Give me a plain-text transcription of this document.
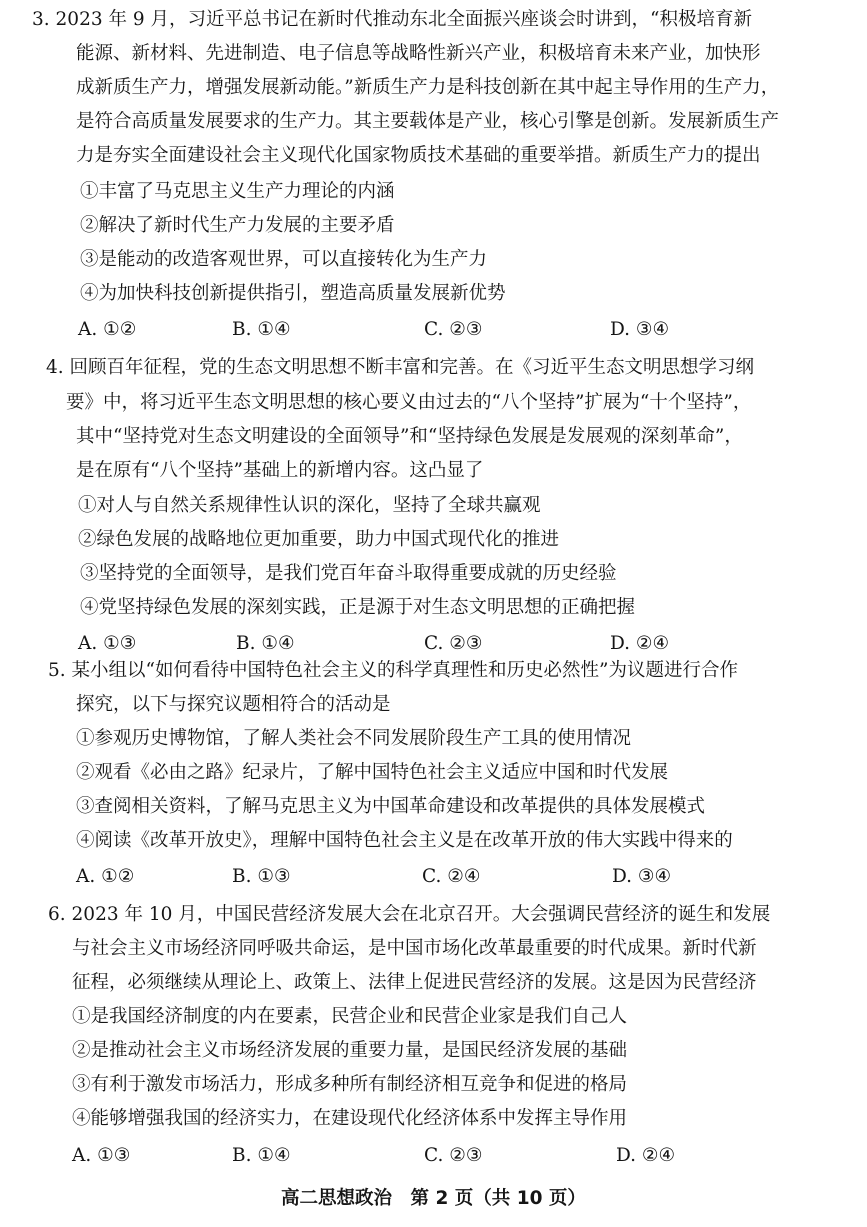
3. 2023 年 9 月，习近平总书记在新时代推动东北全面振兴座谈会时讲到，“积极培育新
能源、新材料、先进制造、电子信息等战略性新兴产业，积极培育未来产业，加快形
成新质生产力，增强发展新动能。”新质生产力是科技创新在其中起主导作用的生产力，
是符合高质量发展要求的生产力。其主要载体是产业，核心引擎是创新。发展新质生产
力是夯实全面建设社会主义现代化国家物质技术基础的重要举措。新质生产力的提出
①丰富了马克思主义生产力理论的内涵
②解决了新时代生产力发展的主要矛盾
③是能动的改造客观世界，可以直接转化为生产力
④为加快科技创新提供指引，塑造高质量发展新优势
A. ①②	B. ①④	C. ②③	D. ③④
4. 回顾百年征程，党的生态文明思想不断丰富和完善。在《习近平生态文明思想学习纲
要》中，将习近平生态文明思想的核心要义由过去的“八个坚持”扩展为“十个坚持”，
其中“坚持党对生态文明建设的全面领导”和“坚持绿色发展是发展观的深刻革命”，
是在原有“八个坚持”基础上的新增内容。这凸显了
①对人与自然关系规律性认识的深化，坚持了全球共赢观
②绿色发展的战略地位更加重要，助力中国式现代化的推进
③坚持党的全面领导，是我们党百年奋斗取得重要成就的历史经验
④党坚持绿色发展的深刻实践，正是源于对生态文明思想的正确把握
A. ①③	B. ①④	C. ②③	D. ②④
5. 某小组以“如何看待中国特色社会主义的科学真理性和历史必然性”为议题进行合作
探究，以下与探究议题相符合的活动是
①参观历史博物馆，了解人类社会不同发展阶段生产工具的使用情况
②观看《必由之路》纪录片，了解中国特色社会主义适应中国和时代发展
③查阅相关资料，了解马克思主义为中国革命建设和改革提供的具体发展模式
④阅读《改革开放史》，理解中国特色社会主义是在改革开放的伟大实践中得来的
A. ①②	B. ①③	C. ②④	D. ③④
6. 2023 年 10 月，中国民营经济发展大会在北京召开。大会强调民营经济的诞生和发展
与社会主义市场经济同呼吸共命运，是中国市场化改革最重要的时代成果。新时代新
征程，必须继续从理论上、政策上、法律上促进民营经济的发展。这是因为民营经济
①是我国经济制度的内在要素，民营企业和民营企业家是我们自己人
②是推动社会主义市场经济发展的重要力量，是国民经济发展的基础
③有利于激发市场活力，形成多种所有制经济相互竞争和促进的格局
④能够增强我国的经济实力，在建设现代化经济体系中发挥主导作用
A. ①③	B. ①④	C. ②③	D. ②④
高二思想政治　第 2 页（共 10 页）
